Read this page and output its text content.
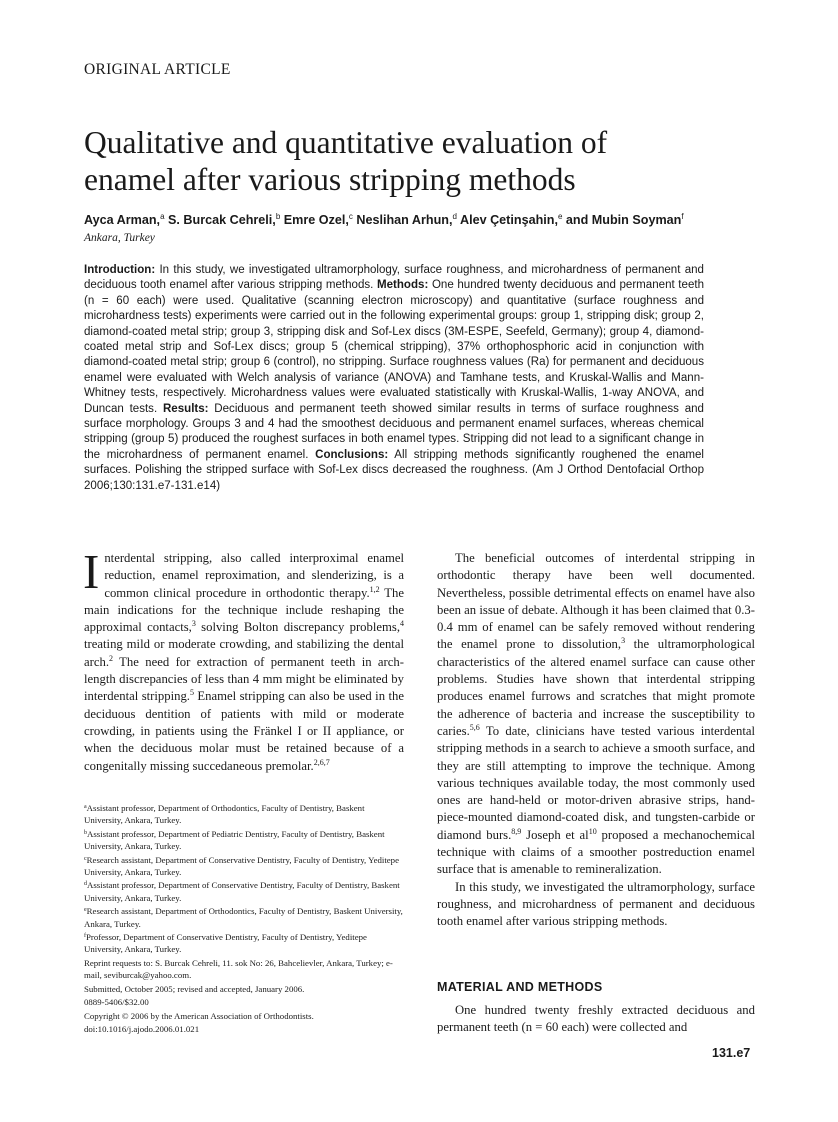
ORIGINAL ARTICLE
Qualitative and quantitative evaluation of
enamel after various stripping methods
Ayca Arman,$^a$ S. Burcak Cehreli,$^b$ Emre Ozel,$^c$ Neslihan Arhun,$^d$ Alev Çetinşahin,$^e$ and Mubin Soyman$^f$
Ankara, Turkey
Introduction: In this study, we investigated ultramorphology, surface roughness, and microhardness of permanent and deciduous tooth enamel after various stripping methods. Methods: One hundred twenty deciduous and permanent teeth (n = 60 each) were used. Qualitative (scanning electron microscopy) and quantitative (surface roughness and microhardness tests) experiments were carried out in the following experimental groups: group 1, stripping disk; group 2, diamond-coated metal strip; group 3, stripping disk and Sof-Lex discs (3M-ESPE, Seefeld, Germany); group 4, diamond-coated metal strip and Sof-Lex discs; group 5 (chemical stripping), 37% orthophosphoric acid in conjunction with diamond-coated metal strip; group 6 (control), no stripping. Surface roughness values (Ra) for permanent and deciduous enamel were evaluated with Welch analysis of variance (ANOVA) and Tamhane tests, and Kruskal-Wallis and Mann-Whitney tests, respectively. Microhardness values were evaluated statistically with Kruskal-Wallis, 1-way ANOVA, and Duncan tests. Results: Deciduous and permanent teeth showed similar results in terms of surface roughness and surface morphology. Groups 3 and 4 had the smoothest deciduous and permanent enamel surfaces, whereas chemical stripping (group 5) produced the roughest surfaces in both enamel types. Stripping did not lead to a significant change in the microhardness of permanent enamel. Conclusions: All stripping methods significantly roughened the enamel surfaces. Polishing the stripped surface with Sof-Lex discs decreased the roughness. (Am J Orthod Dentofacial Orthop 2006;130:131.e7-131.e14)

Interdental stripping, also called interproximal enamel reduction, enamel reproximation, and slenderizing, is a common clinical procedure in orthodontic therapy.$^{1,2}$ The main indications for the technique include reshaping the approximal contacts,$^3$ solving Bolton discrepancy problems,$^4$ treating mild or moderate crowding, and stabilizing the dental arch.$^2$ The need for extraction of permanent teeth in arch-length discrepancies of less than 4 mm might be eliminated by interdental stripping.$^5$ Enamel stripping can also be used in the deciduous dentition of patients with mild or moderate crowding, in patients using the Fränkel I or II appliance, or when the deciduous molar must be retained because of a congenitally missing succedaneous premolar.$^{2,6,7}$

$^a$Assistant professor, Department of Orthodontics, Faculty of Dentistry, Baskent University, Ankara, Turkey.
$^b$Assistant professor, Department of Pediatric Dentistry, Faculty of Dentistry, Baskent University, Ankara, Turkey.
$^c$Research assistant, Department of Conservative Dentistry, Faculty of Dentistry, Yeditepe University, Ankara, Turkey.
$^d$Assistant professor, Department of Conservative Dentistry, Faculty of Dentistry, Baskent University, Ankara, Turkey.
$^e$Research assistant, Department of Orthodontics, Faculty of Dentistry, Baskent University, Ankara, Turkey.
$^f$Professor, Department of Conservative Dentistry, Faculty of Dentistry, Yeditepe University, Ankara, Turkey.
Reprint requests to: S. Burcak Cehreli, 11. sok No: 26, Bahcelievler, Ankara, Turkey; e-mail, seviburcak@yahoo.com.
Submitted, October 2005; revised and accepted, January 2006.
0889-5406/$32.00
Copyright © 2006 by the American Association of Orthodontists.
doi:10.1016/j.ajodo.2006.01.021

The beneficial outcomes of interdental stripping in orthodontic therapy have been well documented. Nevertheless, possible detrimental effects on enamel have also been an issue of debate. Although it has been claimed that 0.3-0.4 mm of enamel can be safely removed without rendering the enamel prone to dissolution,$^3$ the ultramorphological characteristics of the altered enamel surface can cause other problems. Studies have shown that interdental stripping produces enamel furrows and scratches that might promote the adherence of bacteria and increase the susceptibility to caries.$^{5,6}$ To date, clinicians have tested various interdental stripping methods in a search to achieve a smooth surface, and they are still attempting to improve the technique. Among various techniques available today, the most commonly used ones are hand-held or motor-driven abrasive strips, hand-piece-mounted diamond-coated disk, and tungsten-carbide or diamond burs.$^{8,9}$ Joseph et al$^{10}$ proposed a mechanochemical technique with claims of a smoother postreduction enamel surface that is amenable to remineralization.

In this study, we investigated the ultramorphology, surface roughness, and microhardness of permanent and deciduous tooth enamel after various stripping methods.

MATERIAL AND METHODS

One hundred twenty freshly extracted deciduous and permanent teeth (n = 60 each) were collected and

131.e7
